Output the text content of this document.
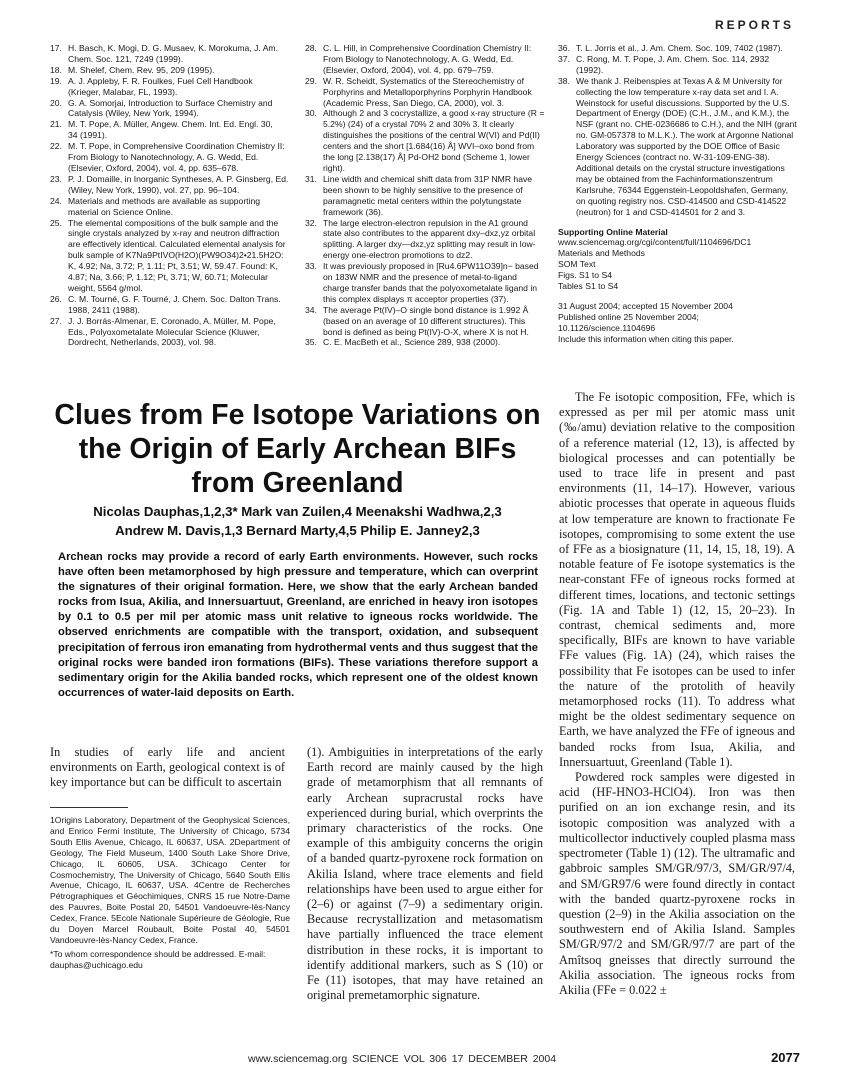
REPORTS
17. H. Basch, K. Mogi, D. G. Musaev, K. Morokuma, J. Am.
Chem. Soc. 121, 7249 (1999).
18. M. Shelef, Chem. Rev. 95, 209 (1995).
19. A. J. Appleby, F. R. Foulkes, Fuel Cell Handbook
(Krieger, Malabar, FL, 1993).
20. G. A. Somorjai, Introduction to Surface Chemistry and
Catalysis (Wiley, New York, 1994).
21. M. T. Pope, A. Müller, Angew. Chem. Int. Ed. Engl. 30,
34 (1991).
22. M. T. Pope, in Comprehensive Coordination Chemistry II: From Biology to Nanotechnology, A. G. Wedd, Ed. (Elsevier, Oxford, 2004), vol. 4, pp. 635–678.
23. P. J. Domaille, in Inorganic Syntheses, A. P. Ginsberg, Ed. (Wiley, New York, 1990), vol. 27, pp. 96–104.
24. Materials and methods are available as supporting material on Science Online.
25. The elemental compositions of the bulk sample and the single crystals analyzed by x-ray and neutron diffraction are effectively identical. Calculated elemental analysis for bulk sample of K7Na9PtIVO(H2O)(PW9O34)2•21.5H2O: K, 4.92; Na, 3.72; P, 1.11; Pt, 3.51; W, 59.47. Found: K, 4.87; Na, 3.66; P, 1.12; Pt, 3.71; W, 60.71; Molecular weight, 5564 g/mol.
26. C. M. Tourné, G. F. Tourné, J. Chem. Soc. Dalton Trans. 1988, 2411 (1988).
27. J. J. Borrás-Almenar, E. Coronado, A. Müller, M. Pope, Eds., Polyoxometalate Molecular Science (Kluwer, Dordrecht, Netherlands, 2003), vol. 98.
28. C. L. Hill, in Comprehensive Coordination Chemistry II: From Biology to Nanotechnology, A. G. Wedd, Ed. (Elsevier, Oxford, 2004), vol. 4, pp. 679–759.
29. W. R. Scheidt, Systematics of the Stereochemistry of Porphyrins and Metalloporphyrins Porphyrin Handbook (Academic Press, San Diego, CA, 2000), vol. 3.
30. Although 2 and 3 cocrystallize, a good x-ray structure (R = 5.2%) (24) of a crystal 70% 2 and 30% 3. It clearly distinguishes the positions of the central W(VI) and Pd(II) centers and the short [1.684(16) Å] WVI–oxo bond from the long [2.138(17) Å] Pd-OH2 bond (Scheme 1, lower right).
31. Line width and chemical shift data from 31P NMR have been shown to be highly sensitive to the presence of paramagnetic metal centers within the polytungstate framework (36).
32. The large electron-electron repulsion in the A1 ground state also contributes to the apparent dxy–dxz,yz orbital splitting. A larger dxy—dxz,yz splitting may result in low-energy one-electron promotions to dz2.
33. It was previously proposed in [Ru4.6PW11O39]n− based on 183W NMR and the presence of metal-to-ligand charge transfer bands that the polyoxometalate ligand in this complex displays π acceptor properties (37).
34. The average Pt(IV)–O single bond distance is 1.992 Å (based on an average of 10 different structures). This bond is defined as being Pt(IV)-O-X, where X is not H.
35. C. E. MacBeth et al., Science 289, 938 (2000).
36. T. L. Jorris et al., J. Am. Chem. Soc. 109, 7402 (1987).
37. C. Rong, M. T. Pope, J. Am. Chem. Soc. 114, 2932 (1992).
38. We thank J. Reibenspies at Texas A & M University for collecting the low temperature x-ray data set and I. A. Weinstock for useful discussions. Supported by the U.S. Department of Energy (DOE) (C.H., J.M., and K.M.), the NSF (grant no. CHE-0236686 to C.H.), and the NIH (grant no. GM-057378 to M.L.K.). The work at Argonne National Laboratory was supported by the DOE Office of Basic Energy Sciences (contract no. W-31-109-ENG-38). Additional details on the crystal structure investigations may be obtained from the Fachinformationszentrum Karlsruhe, 76344 Eggenstein-Leopoldshafen, Germany, on quoting registry nos. CSD-414500 and CSD-414522 (neutron) for 1 and CSD-414501 for 2 and 3.
Supporting Online Material
www.sciencemag.org/cgi/content/full/1104696/DC1
Materials and Methods
SOM Text
Figs. S1 to S4
Tables S1 to S4
31 August 2004; accepted 15 November 2004
Published online 25 November 2004;
10.1126/science.1104696
Include this information when citing this paper.
Clues from Fe Isotope Variations on the Origin of Early Archean BIFs from Greenland
Nicolas Dauphas,1,2,3* Mark van Zuilen,4 Meenakshi Wadhwa,2,3
Andrew M. Davis,1,3 Bernard Marty,4,5 Philip E. Janney2,3

Archean rocks may provide a record of early Earth environments. However, such rocks have often been metamorphosed by high pressure and temperature, which can overprint the signatures of their original formation. Here, we show that the early Archean banded rocks from Isua, Akilia, and Innersuartuut, Greenland, are enriched in heavy iron isotopes by 0.1 to 0.5 per mil per atomic mass unit relative to igneous rocks worldwide. The observed enrichments are compatible with the transport, oxidation, and subsequent precipitation of ferrous iron emanating from hydrothermal vents and thus suggest that the original rocks were banded iron formations (BIFs). These variations therefore support a sedimentary origin for the Akilia banded rocks, which represent one of the oldest known occurrences of water-laid deposits on Earth.

In studies of early life and ancient environments on Earth, geological context is of key importance but can be difficult to ascertain

1Origins Laboratory, Department of the Geophysical Sciences, and Enrico Fermi Institute, The University of Chicago, 5734 South Ellis Avenue, Chicago, IL 60637, USA. 2Department of Geology, The Field Museum, 1400 South Lake Shore Drive, Chicago, IL 60605, USA. 3Chicago Center for Cosmochemistry, The University of Chicago, 5640 South Ellis Avenue, Chicago, IL 60637, USA. 4Centre de Recherches Pétrographiques et Géochimiques, CNRS 15 rue Notre-Dame des Pauvres, Boite Postal 20, 54501 Vandoeuvre-lès-Nancy Cedex, France. 5Ecole Nationale Supérieure de Géologie, Rue du Doyen Marcel Roubault, Boite Postal 40, 54501 Vandoeuvre-lès-Nancy Cedex, France.

*To whom correspondence should be addressed. E-mail: dauphas@uchicago.edu

(1). Ambiguities in interpretations of the early Earth record are mainly caused by the high grade of metamorphism that all remnants of early Archean supracrustal rocks have experienced during burial, which overprints the primary characteristics of the rocks. One example of this ambiguity concerns the origin of a banded quartz-pyroxene rock formation on Akilia Island, where trace elements and field relationships have been used to argue either for (2–6) or against (7–9) a sedimentary origin. Because recrystallization and metasomatism have partially influenced the trace element distribution in these rocks, it is important to identify additional markers, such as S (10) or Fe (11) isotopes, that may have retained an original premetamorphic signature.

The Fe isotopic composition, FFe, which is expressed as per mil per atomic mass unit (‰/amu) deviation relative to the composition of a reference material (12, 13), is affected by biological processes and can potentially be used to trace life in present and past environments (11, 14–17). However, various abiotic processes that operate in aqueous fluids at low temperature are known to fractionate Fe isotopes, compromising to some extent the use of FFe as a biosignature (11, 14, 15, 18, 19). A notable feature of Fe isotope systematics is the near-constant FFe of igneous rocks formed at different times, locations, and tectonic settings (Fig. 1A and Table 1) (12, 15, 20–23). In contrast, chemical sediments and, more specifically, BIFs are known to have variable FFe values (Fig. 1A) (24), which raises the possibility that Fe isotopes can be used to infer the nature of the protolith of heavily metamorphosed rocks (11). To address what might be the oldest sedimentary sequence on Earth, we have analyzed the FFe of igneous and banded rocks from Isua, Akilia, and Innersuartuut, Greenland (Table 1).

Powdered rock samples were digested in acid (HF-HNO3-HClO4). Iron was then purified on an ion exchange resin, and its isotopic composition was analyzed with a multicollector inductively coupled plasma mass spectrometer (Table 1) (12). The ultramafic and gabbroic samples SM/GR/97/3, SM/GR/97/4, and SM/GR97/6 were found directly in contact with the banded quartz-pyroxene rocks in question (2–9) in the Akilia association on the southwestern end of Akilia Island. Samples SM/GR/97/2 and SM/GR/97/7 are part of the Amîtsoq gneisses that directly surround the Akilia association. The igneous rocks from Akilia (FFe = 0.022 ±

www.sciencemag.org SCIENCE VOL 306 17 DECEMBER 2004	2077
